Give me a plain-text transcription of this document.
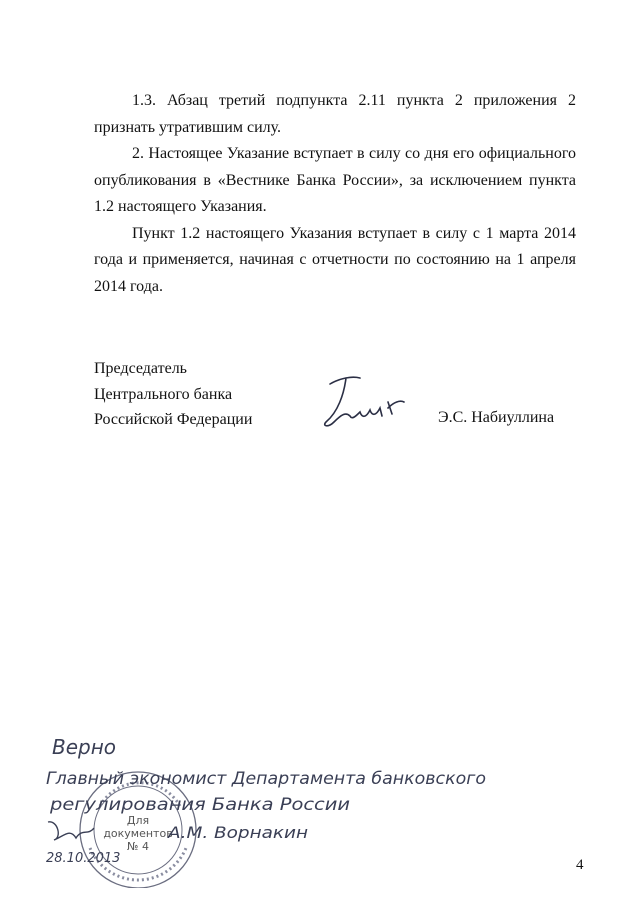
1.3. Абзац третий подпункта 2.11 пункта 2 приложения 2 признать утратившим силу.

2. Настоящее Указание вступает в силу со дня его официального опубликования в «Вестнике Банка России», за исключением пункта 1.2 настоящего Указания.

Пункт 1.2 настоящего Указания вступает в силу с 1 марта 2014 года и применяется, начиная с отчетности по состоянию на 1 апреля 2014 года.

Председатель
Центрального банка
Российской Федерации	Э.С. Набиуллина
Для
документов
№ 4
Верно
Главный экономист Департамента банковского
регулирования Банка России
А.М. Ворнакин
28.10.2013	4
